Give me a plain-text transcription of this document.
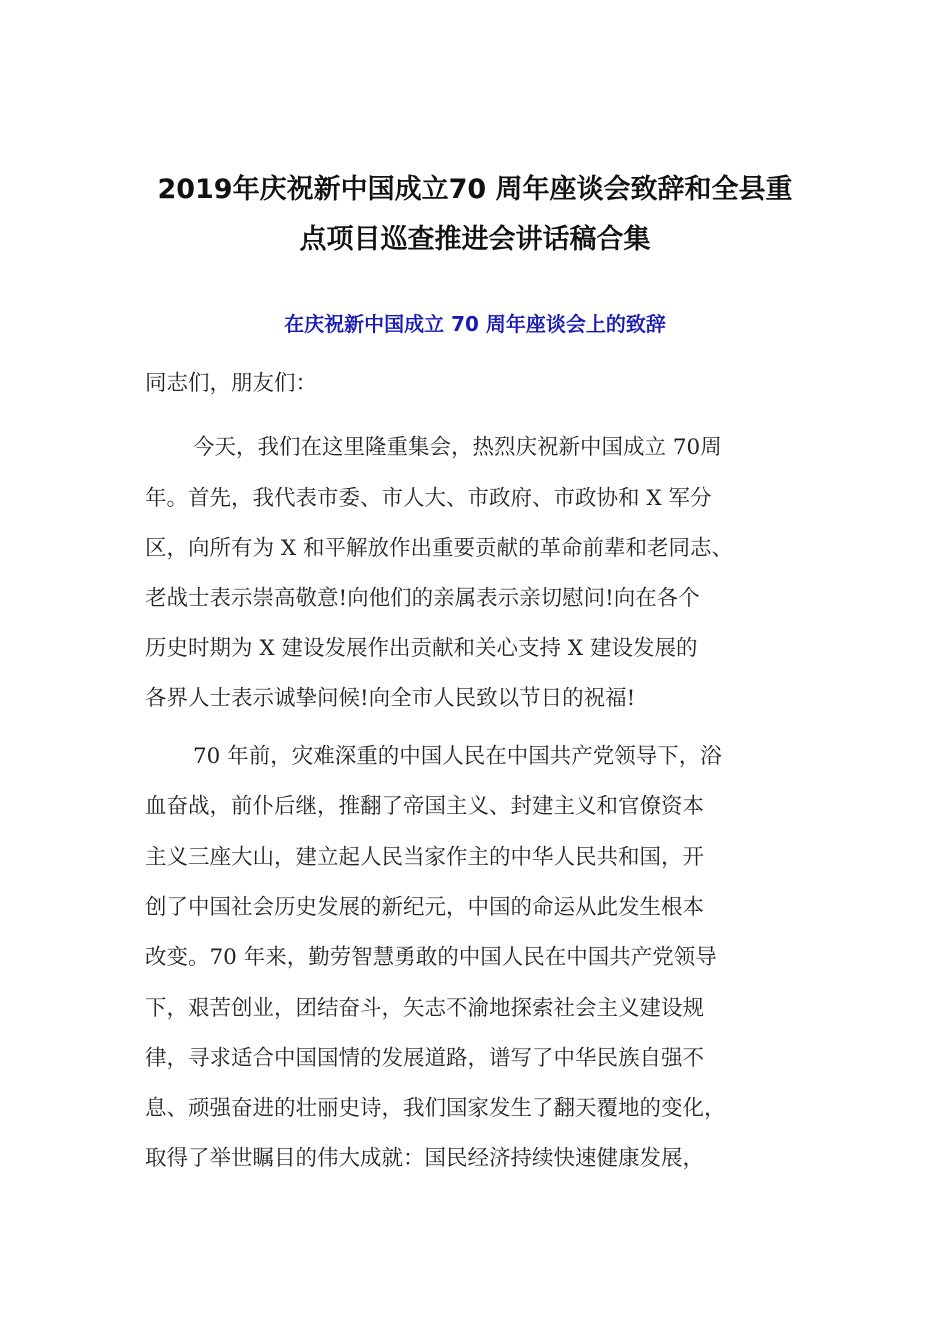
2019年庆祝新中国成立70 周年座谈会致辞和全县重
点项目巡查推进会讲话稿合集
在庆祝新中国成立 70 周年座谈会上的致辞
同志们，朋友们：
今天，我们在这里隆重集会，热烈庆祝新中国成立 70周
年。首先，我代表市委、市人大、市政府、市政协和 X 军分
区，向所有为 X 和平解放作出重要贡献的革命前辈和老同志、
老战士表示崇高敬意!向他们的亲属表示亲切慰问!向在各个
历史时期为 X 建设发展作出贡献和关心支持 X 建设发展的
各界人士表示诚挚问候!向全市人民致以节日的祝福!
70 年前，灾难深重的中国人民在中国共产党领导下，浴
血奋战，前仆后继，推翻了帝国主义、封建主义和官僚资本
主义三座大山，建立起人民当家作主的中华人民共和国，开
创了中国社会历史发展的新纪元，中国的命运从此发生根本
改变。70 年来，勤劳智慧勇敢的中国人民在中国共产党领导
下，艰苦创业，团结奋斗，矢志不渝地探索社会主义建设规
律，寻求适合中国国情的发展道路，谱写了中华民族自强不
息、顽强奋进的壮丽史诗，我们国家发生了翻天覆地的变化，
取得了举世瞩目的伟大成就：国民经济持续快速健康发展，
